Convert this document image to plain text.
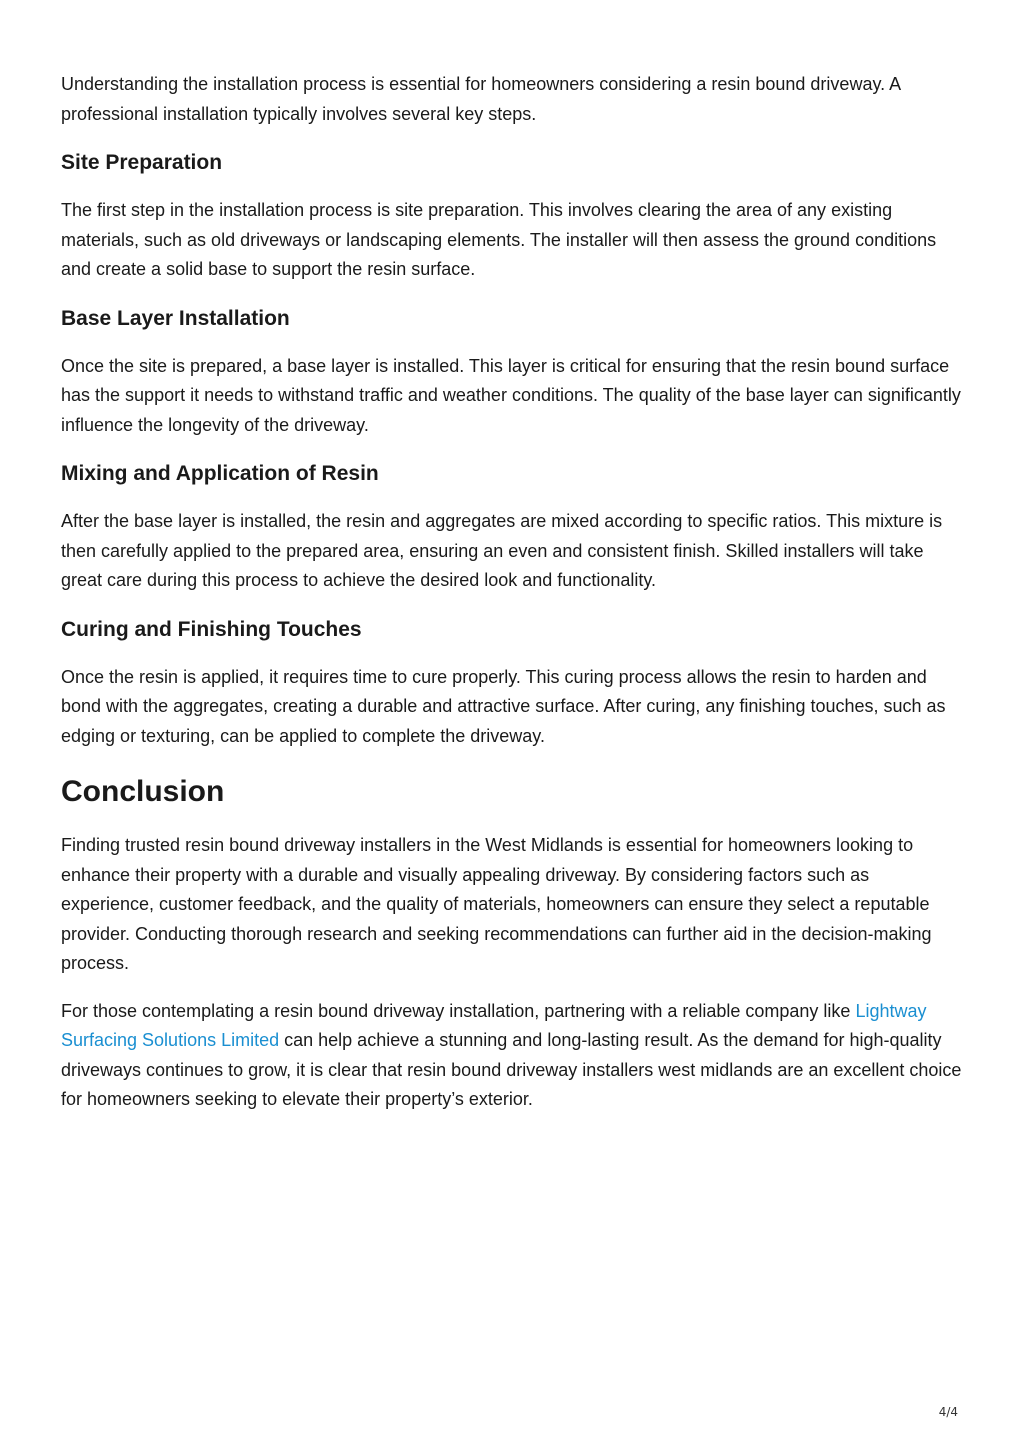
Understanding the installation process is essential for homeowners considering a resin bound driveway. A professional installation typically involves several key steps.

Site Preparation

The first step in the installation process is site preparation. This involves clearing the area of any existing materials, such as old driveways or landscaping elements. The installer will then assess the ground conditions and create a solid base to support the resin surface.

Base Layer Installation

Once the site is prepared, a base layer is installed. This layer is critical for ensuring that the resin bound surface has the support it needs to withstand traffic and weather conditions. The quality of the base layer can significantly influence the longevity of the driveway.

Mixing and Application of Resin

After the base layer is installed, the resin and aggregates are mixed according to specific ratios. This mixture is then carefully applied to the prepared area, ensuring an even and consistent finish. Skilled installers will take great care during this process to achieve the desired look and functionality.

Curing and Finishing Touches

Once the resin is applied, it requires time to cure properly. This curing process allows the resin to harden and bond with the aggregates, creating a durable and attractive surface. After curing, any finishing touches, such as edging or texturing, can be applied to complete the driveway.

Conclusion

Finding trusted resin bound driveway installers in the West Midlands is essential for homeowners looking to enhance their property with a durable and visually appealing driveway. By considering factors such as experience, customer feedback, and the quality of materials, homeowners can ensure they select a reputable provider. Conducting thorough research and seeking recommendations can further aid in the decision-making process.

For those contemplating a resin bound driveway installation, partnering with a reliable company like Lightway Surfacing Solutions Limited can help achieve a stunning and long-lasting result. As the demand for high-quality driveways continues to grow, it is clear that resin bound driveway installers west midlands are an excellent choice for homeowners seeking to elevate their property’s exterior.

4/4
